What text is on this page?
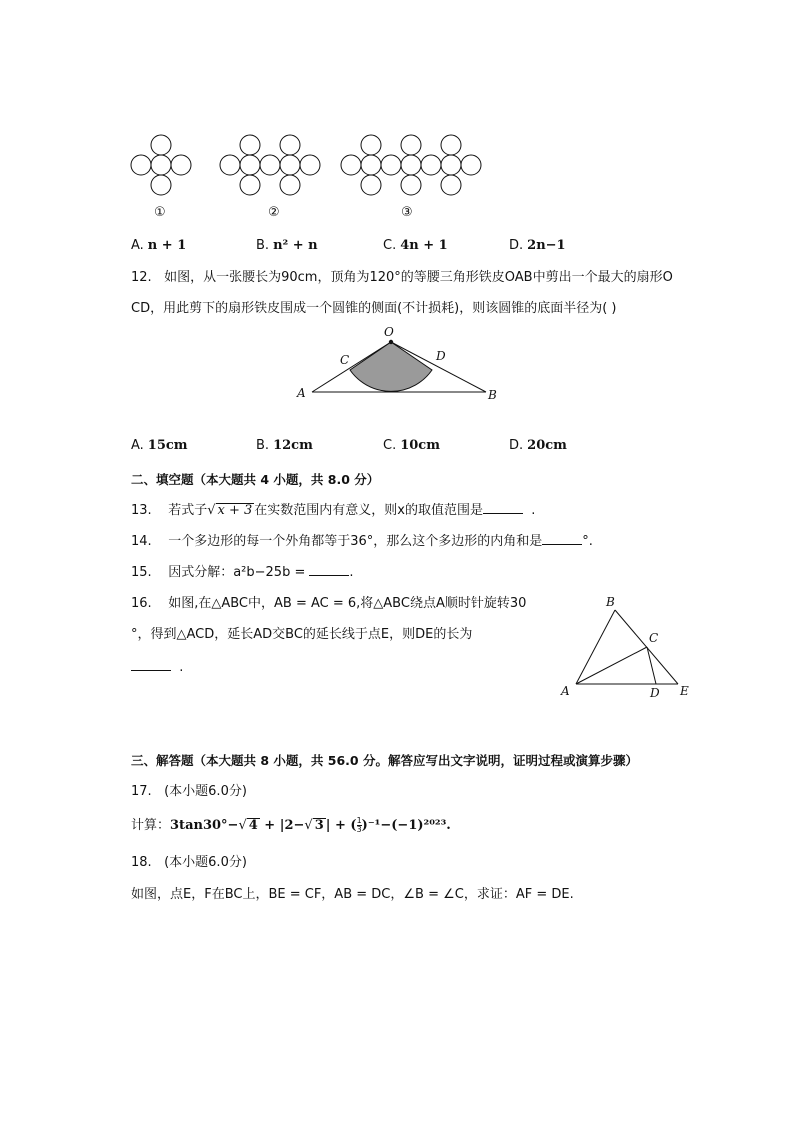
①	②	③
A. n + 1	B. n² + n	C. 4n + 1	D. 2n−1
12. 如图，从一张腰长为90cm，顶角为120°的等腰三角形铁皮OAB中剪出一个最大的扇形O
CD，用此剪下的扇形铁皮围成一个圆锥的侧面(不计损耗)，则该圆锥的底面半径为( )
O
C	D
A	B
A. 15cm	B. 12cm	C. 10cm	D. 20cm
二、填空题（本大题共 4 小题，共 8.0 分）
13. 若式子√ x + 3 在实数范围内有意义，则x的取值范围是	.
14. 一个多边形的每一个外角都等于36°，那么这个多边形的内角和是	°.
15. 因式分解：a²b−25b =	.
16. 如图,在△ABC中，AB = AC = 6,将△ABC绕点A顺时针旋转30
°，得到△ACD，延长AD交BC的延长线于点E，则DE的长为
.
B
C
A	D E
三、解答题（本大题共 8 小题，共 56.0 分。解答应写出文字说明，证明过程或演算步骤）
17. (本小题6.0分)
计算：3tan30°−√ 4 + |2−√ 3 | + ( $\frac{1}{3} )^{-1}-(-1)^{2023}$.
18. (本小题6.0分)
如图，点E，F在BC上，BE = CF，AB = DC，∠B = ∠C，求证：AF = DE.
